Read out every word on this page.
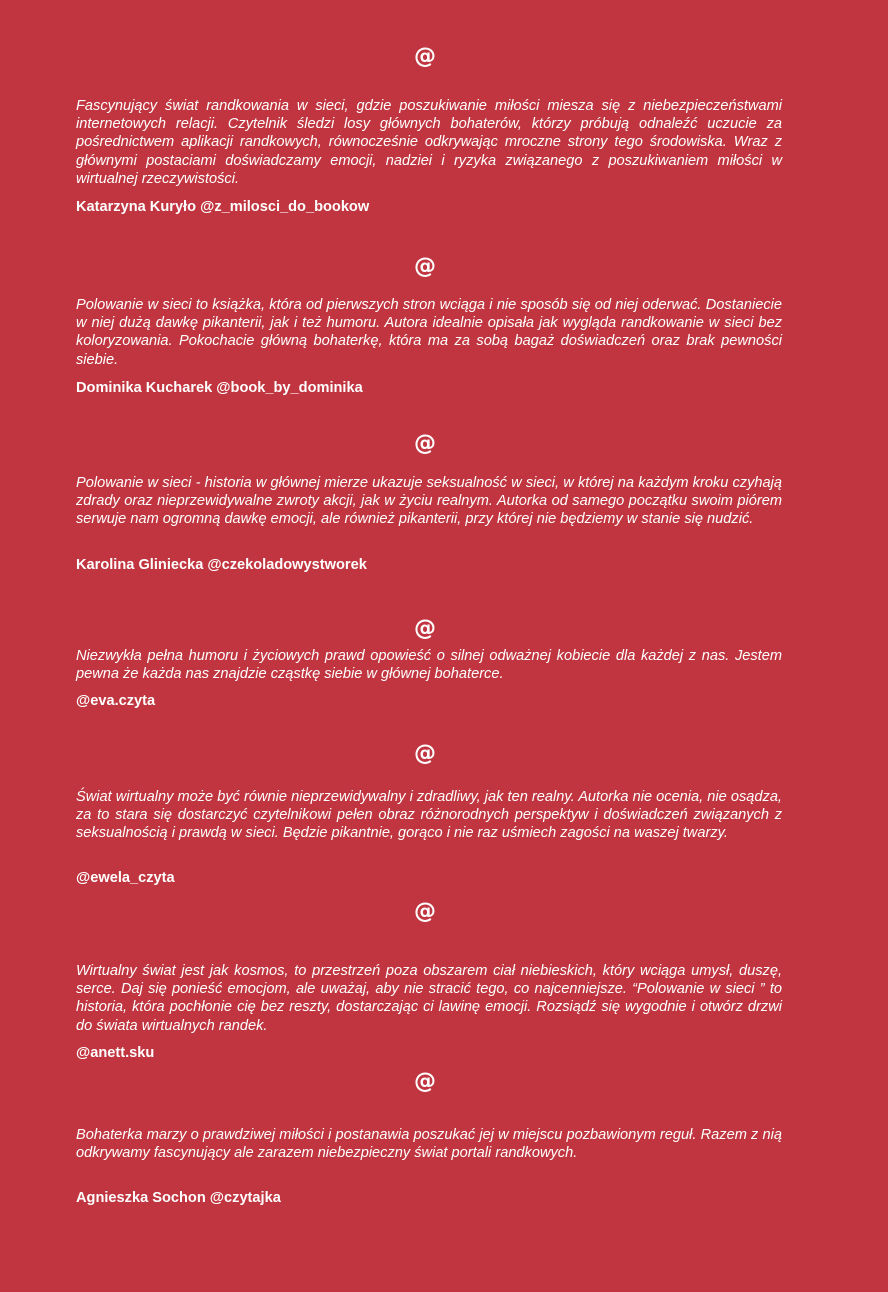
@

Fascynujący świat randkowania w sieci, gdzie poszukiwanie miłości miesza się z niebezpieczeństwami internetowych relacji. Czytelnik śledzi losy głównych bohaterów, którzy próbują odnaleźć uczucie za pośrednictwem aplikacji randkowych, równocześnie odkrywając mroczne strony tego środowiska. Wraz z głównymi postaciami doświadczamy emocji, nadziei i ryzyka związanego z poszukiwaniem miłości w wirtualnej rzeczywistości.

Katarzyna Kuryło @z_milosci_do_bookow
@

Polowanie w sieci to książka, która od pierwszych stron wciąga i nie sposób się od niej oderwać. Dostaniecie w niej dużą dawkę pikanterii, jak i też humoru. Autora idealnie opisała jak wygląda randkowanie w sieci bez koloryzowania. Pokochacie główną bohaterkę, która ma za sobą bagaż doświadczeń oraz brak pewności siebie.

Dominika Kucharek @book_by_dominika
@

Polowanie w sieci - historia w głównej mierze ukazuje seksualność w sieci, w której na każdym kroku czyhają zdrady oraz nieprzewidywalne zwroty akcji, jak w życiu realnym. Autorka od samego początku swoim piórem serwuje nam ogromną dawkę emocji, ale również pikanterii, przy której nie będziemy w stanie się nudzić.

Karolina Gliniecka @czekoladowystworek
@

Niezwykła pełna humoru i życiowych prawd opowieść o silnej odważnej kobiecie dla każdej z nas. Jestem pewna że każda nas znajdzie cząstkę siebie w głównej bohaterce.

@eva.czyta
@

Świat wirtualny może być równie nieprzewidywalny i zdradliwy, jak ten realny. Autorka nie ocenia, nie osądza, za to stara się dostarczyć czytelnikowi pełen obraz różnorodnych perspektyw i doświadczeń związanych z seksualnością i prawdą w sieci. Będzie pikantnie, gorąco i nie raz uśmiech zagości na waszej twarzy.

@ewela_czyta
@

Wirtualny świat jest jak kosmos, to przestrzeń poza obszarem ciał niebieskich, który wciąga umysł, duszę, serce. Daj się ponieść emocjom, ale uważaj, aby nie stracić tego, co najcenniejsze. “Polowanie w sieci ” to historia, która pochłonie cię bez reszty, dostarczając ci lawinę emocji. Rozsiądź się wygodnie i otwórz drzwi do świata wirtualnych randek.

@anett.sku
@

Bohaterka marzy o prawdziwej miłości i postanawia poszukać jej w miejscu pozbawionym reguł. Razem z nią odkrywamy fascynujący ale zarazem niebezpieczny świat portali randkowych.

Agnieszka Sochon @czytajka
